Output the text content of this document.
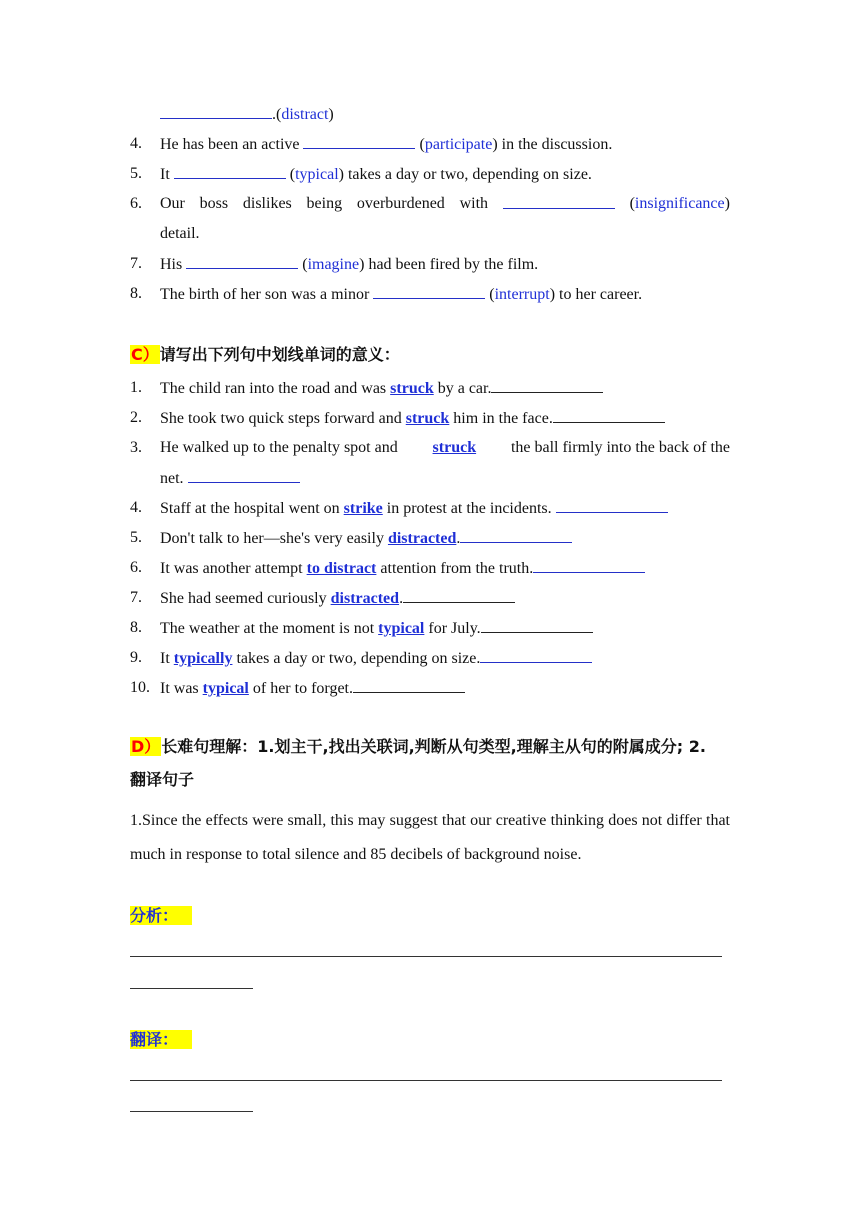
.(distract)
4.	He has been an active	(participate) in the discussion.
5.	It	(typical) takes a day or two, depending on size.
6.	Our boss dislikes being overburdened with	(insignificance)
detail.
7.	His	(imagine) had been fired by the film.
8.	The birth of her son was a minor	(interrupt) to her career.
C）请写出下列句中划线单词的意义：
1.	The child ran into the road and was struck by a car.
2.	She took two quick steps forward and struck him in the face.
3.	He walked up to the penalty spot and struck the ball firmly into the back of the
net.
4.	Staff at the hospital went on strike in protest at the incidents.
5.	Don't talk to her—she's very easily distracted.
6.	It was another attempt to distract attention from the truth.
7.	She had seemed curiously distracted.
8.	The weather at the moment is not typical for July.
9.	It typically takes a day or two, depending on size.
10. It was typical of her to forget.
D）长难句理解：1.划主干,找出关联词,判断从句类型,理解主从句的附属成分; 2.
翻译句子
1.Since the effects were small, this may suggest that our creative thinking does not differ that much in response to total silence and 85 decibels of background noise.
分析：
翻译：
